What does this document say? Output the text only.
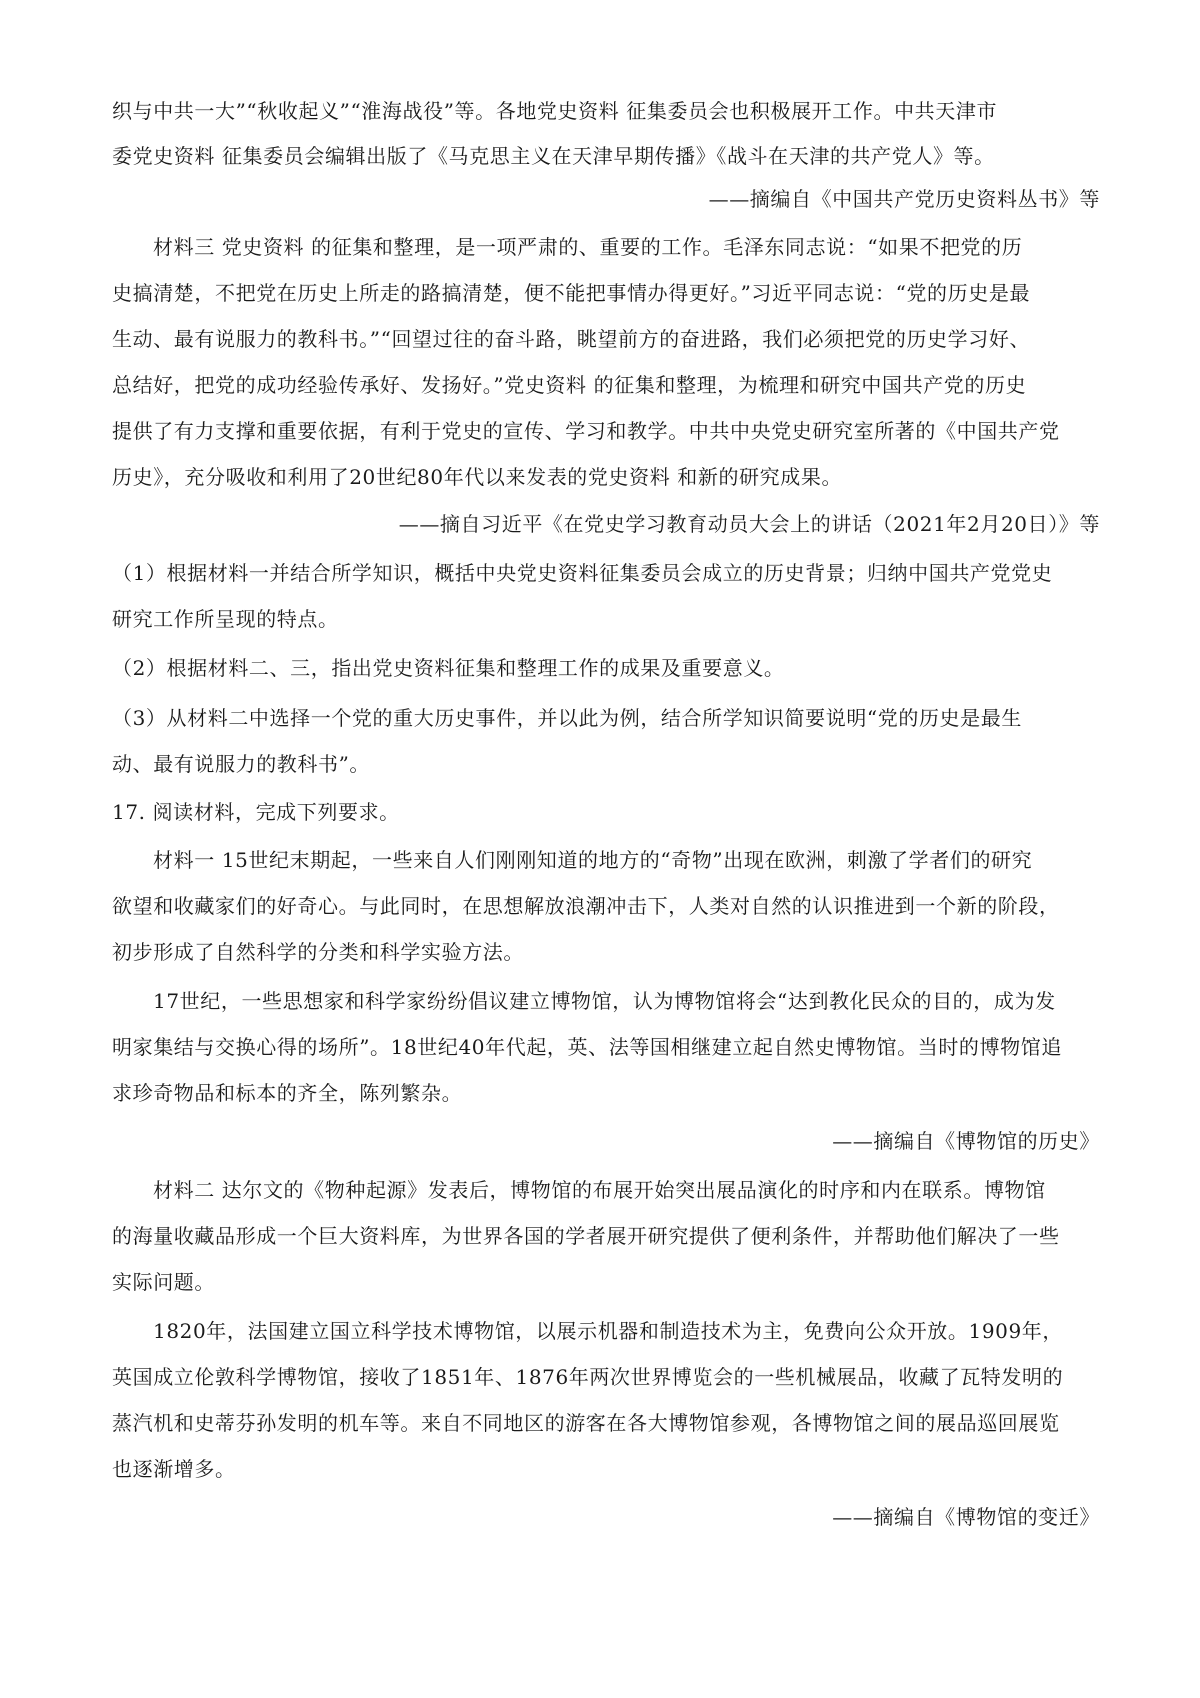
织与中共一大”“秋收起义”“淮海战役”等。各地党史资料 征集委员会也积极展开工作。中共天津市
委党史资料 征集委员会编辑出版了《马克思主义在天津早期传播》《战斗在天津的共产党人》等。
——摘编自《中国共产党历史资料丛书》等
材料三 党史资料 的征集和整理，是一项严肃的、重要的工作。毛泽东同志说：“如果不把党的历
史搞清楚，不把党在历史上所走的路搞清楚，便不能把事情办得更好。”习近平同志说：“党的历史是最
生动、最有说服力的教科书。”“回望过往的奋斗路，眺望前方的奋进路，我们必须把党的历史学习好、
总结好，把党的成功经验传承好、发扬好。”党史资料 的征集和整理，为梳理和研究中国共产党的历史
提供了有力支撑和重要依据，有利于党史的宣传、学习和教学。中共中央党史研究室所著的《中国共产党
历史》，充分吸收和利用了20世纪80年代以来发表的党史资料 和新的研究成果。
——摘自习近平《在党史学习教育动员大会上的讲话（2021年2月20日）》等
（1）根据材料一并结合所学知识，概括中央党史资料征集委员会成立的历史背景；归纳中国共产党党史
研究工作所呈现的特点。
（2）根据材料二、三，指出党史资料征集和整理工作的成果及重要意义。
（3）从材料二中选择一个党的重大历史事件，并以此为例，结合所学知识简要说明“党的历史是最生
动、最有说服力的教科书”。
17. 阅读材料，完成下列要求。
材料一 15世纪末期起，一些来自人们刚刚知道的地方的“奇物”出现在欧洲，刺激了学者们的研究
欲望和收藏家们的好奇心。与此同时，在思想解放浪潮冲击下，人类对自然的认识推进到一个新的阶段，
初步形成了自然科学的分类和科学实验方法。
17世纪，一些思想家和科学家纷纷倡议建立博物馆，认为博物馆将会“达到教化民众的目的，成为发
明家集结与交换心得的场所”。18世纪40年代起，英、法等国相继建立起自然史博物馆。当时的博物馆追
求珍奇物品和标本的齐全，陈列繁杂。
——摘编自《博物馆的历史》
材料二 达尔文的《物种起源》发表后，博物馆的布展开始突出展品演化的时序和内在联系。博物馆
的海量收藏品形成一个巨大资料库，为世界各国的学者展开研究提供了便利条件，并帮助他们解决了一些
实际问题。
1820年，法国建立国立科学技术博物馆，以展示机器和制造技术为主，免费向公众开放。1909年，
英国成立伦敦科学博物馆，接收了1851年、1876年两次世界博览会的一些机械展品，收藏了瓦特发明的
蒸汽机和史蒂芬孙发明的机车等。来自不同地区的游客在各大博物馆参观，各博物馆之间的展品巡回展览
也逐渐增多。
——摘编自《博物馆的变迁》
